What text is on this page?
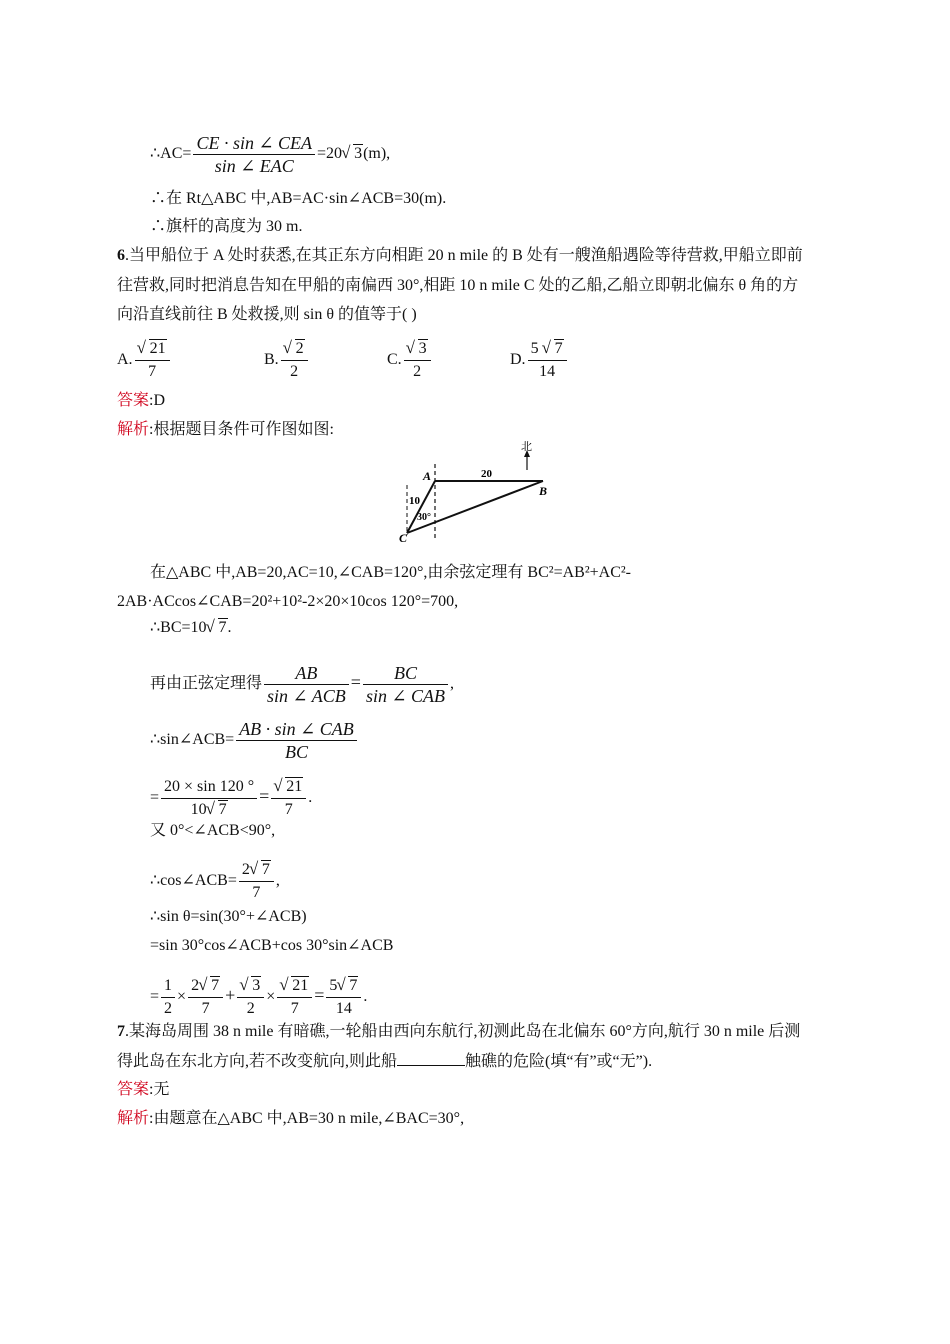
∴AC= $\frac{\text{CE · sin ∠ CEA}}{\text{sin ∠ EAC}} =20√$ 3(m),
∴在 Rt△ABC 中,AB=AC·sin∠ACB=30(m).
∴旗杆的高度为 30 m.
6.当甲船位于 A 处时获悉,在其正东方向相距 20 n mile 的 B 处有一艘渔船遇险等待营救,甲船立即前
往营救,同时把消息告知在甲船的南偏西 30°,相距 10 n mile C 处的乙船,乙船立即朝北偏东 θ 角的方
向沿直线前往 B 处救援,则 sin θ 的值等于( )
A.
√ $\frac{21}{7}$	B.
√ $\frac{2}{2}$	C.
√ $\frac{3}{2}$	D. $\frac{5 √ 7}{14}$
答案:D
解析:根据题目条件可作图如图:
北
A
B
C
20
10
30°
在△ABC 中,AB=20,AC=10,∠CAB=120°,由余弦定理有 BC²=AB²+AC²-
2AB·ACcos∠CAB=20²+10²-2×20×10cos 120°=700,
∴BC=10√ 7.
再由正弦定理得 $\frac{AB}{\text{sin ∠ ACB}} = \frac{BC}{\text{sin ∠ CAB}}$ ,
∴sin∠ACB= $\frac{\text{AB · sin ∠ CAB}}{BC}$
= $\frac{20 \times \sin 120 ^\circ}{10√ 7}$ =
√ $\frac{21}{7}$ .
又 0°<∠ACB<90°,
∴cos∠ACB= $\frac{2√ 7}{7}$ ,
∴sin θ=sin(30°+∠ACB)
=sin 30°cos∠ACB+cos 30°sin∠ACB
= $\frac{1}{2} \times \frac{2√ 7}{7}$ +
√ $\frac{3}{2}$ ×
√ $\frac{21}{7} = \frac{5√ 7}{14}$ .
7.某海岛周围 38 n mile 有暗礁,一轮船由西向东航行,初测此岛在北偏东 60°方向,航行 30 n mile 后测
得此岛在东北方向,若不改变航向,则此船	触礁的危险(填“有”或“无”).
答案:无
解析:由题意在△ABC 中,AB=30 n mile,∠BAC=30°,
